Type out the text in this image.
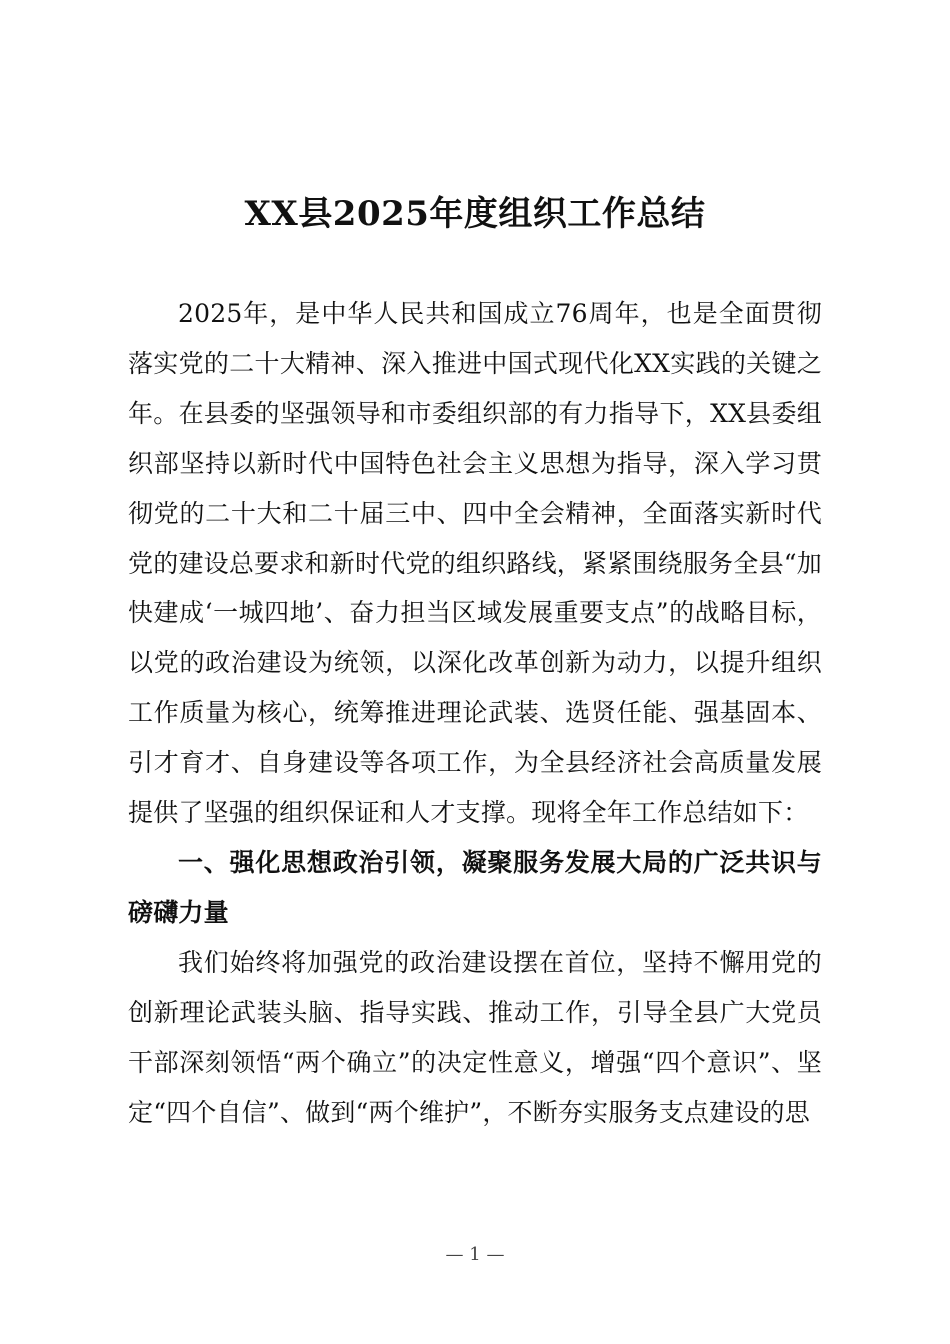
XX县2025年度组织工作总结

2025年，是中华人民共和国成立76周年，也是全面贯彻落实党的二十大精神、深入推进中国式现代化XX实践的关键之年。在县委的坚强领导和市委组织部的有力指导下，XX县委组织部坚持以新时代中国特色社会主义思想为指导，深入学习贯彻党的二十大和二十届三中、四中全会精神，全面落实新时代党的建设总要求和新时代党的组织路线，紧紧围绕服务全县“加快建成‘一城四地’、奋力担当区域发展重要支点”的战略目标，以党的政治建设为统领，以深化改革创新为动力，以提升组织工作质量为核心，统筹推进理论武装、选贤任能、强基固本、引才育才、自身建设等各项工作，为全县经济社会高质量发展提供了坚强的组织保证和人才支撑。现将全年工作总结如下：

一、强化思想政治引领，凝聚服务发展大局的广泛共识与磅礴力量

我们始终将加强党的政治建设摆在首位，坚持不懈用党的创新理论武装头脑、指导实践、推动工作，引导全县广大党员干部深刻领悟“两个确立”的决定性意义，增强“四个意识”、坚定“四个自信”、做到“两个维护”，不断夯实服务支点建设的思

— 1 —
